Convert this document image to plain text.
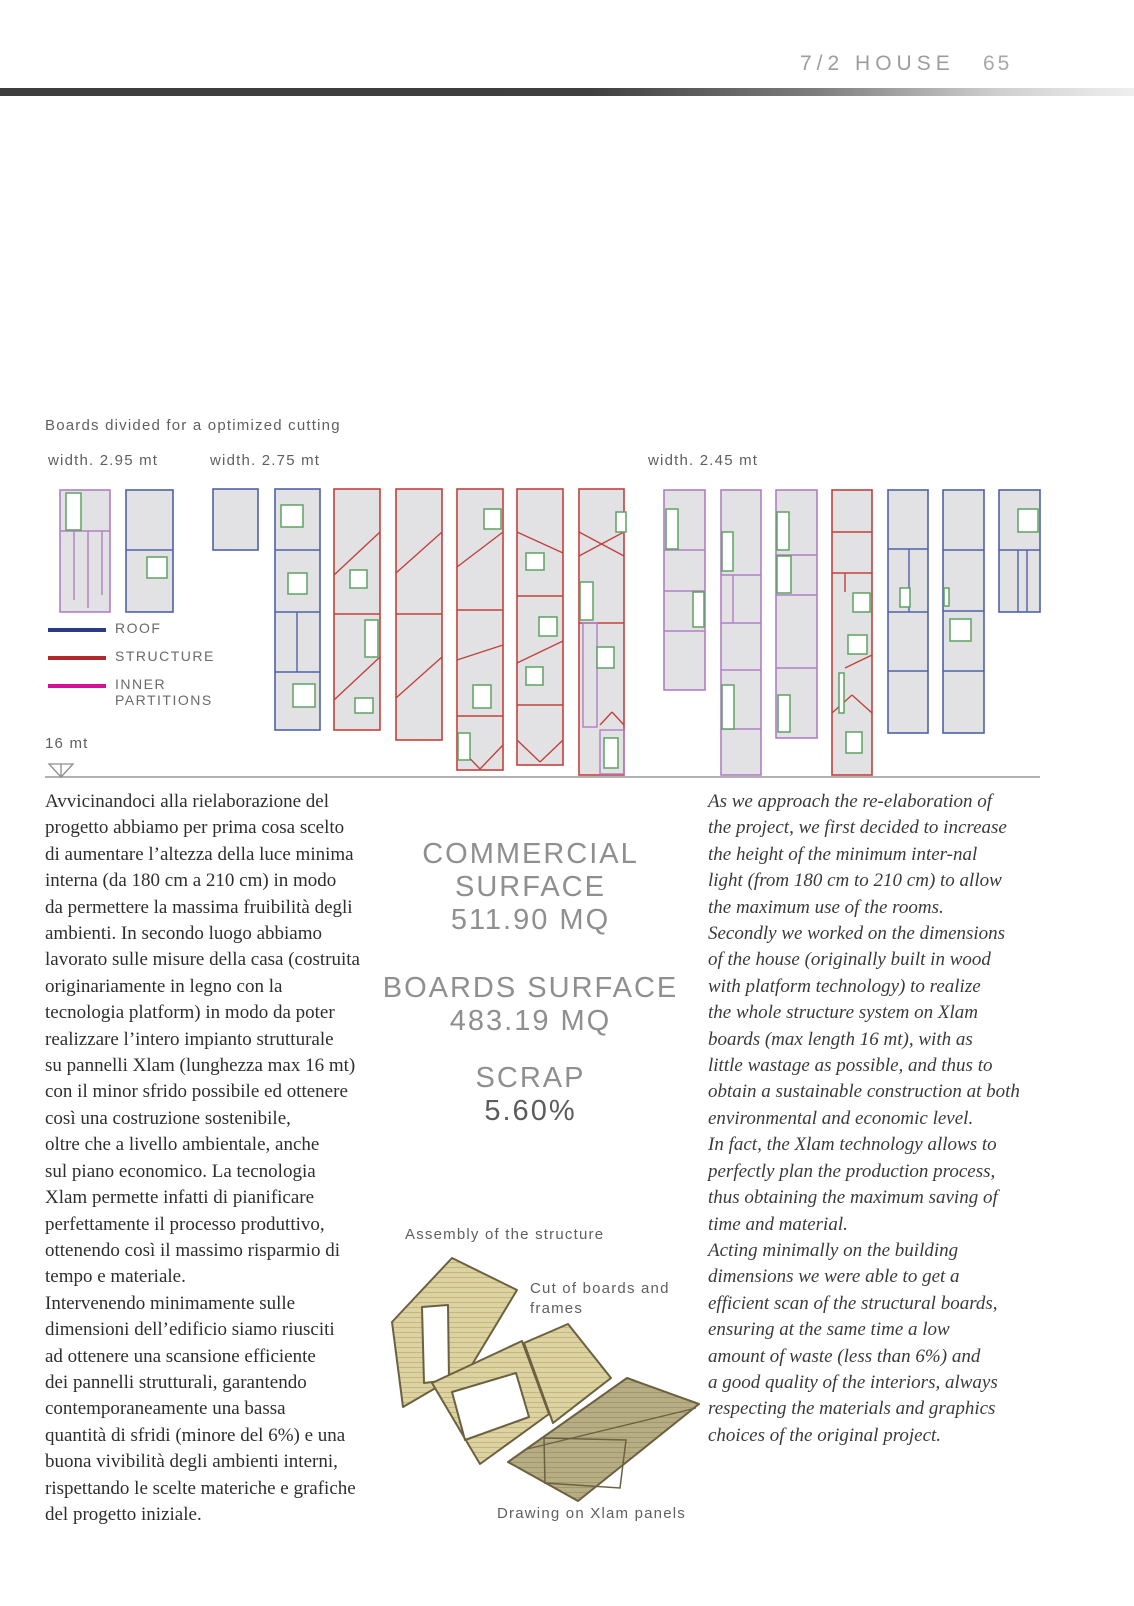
7/2 HOUSE 65
Boards divided for a optimized cutting
width. 2.95 mt	width. 2.75 mt	width. 2.45 mt
ROOF
STRUCTURE
INNER PARTITIONS
16 mt
Avvicinandoci alla rielaborazione del
progetto abbiamo per prima cosa scelto
di aumentare l’altezza della luce minima
interna (da 180 cm a 210 cm) in modo
da permettere la massima fruibilità degli
ambienti. In secondo luogo abbiamo
lavorato sulle misure della casa (costruita
originariamente in legno con la
tecnologia platform) in modo da poter
realizzare l’intero impianto strutturale
su pannelli Xlam (lunghezza max 16 mt)
con il minor sfrido possibile ed ottenere
così una costruzione sostenibile,
oltre che a livello ambientale, anche
sul piano economico. La tecnologia
Xlam permette infatti di pianificare
perfettamente il processo produttivo,
ottenendo così il massimo risparmio di
tempo e materiale.
Intervenendo minimamente sulle
dimensioni dell’edificio siamo riusciti
ad ottenere una scansione efficiente
dei pannelli strutturali, garantendo
contemporaneamente una bassa
quantità di sfridi (minore del 6%) e una
buona vivibilità degli ambienti interni,
rispettando le scelte materiche e grafiche
del progetto iniziale.
As we approach the re-elaboration of
the project, we first decided to increase
the height of the minimum inter-nal
light (from 180 cm to 210 cm) to allow
the maximum use of the rooms.
Secondly we worked on the dimensions
of the house (originally built in wood
with platform technology) to realize
the whole structure system on Xlam
boards (max length 16 mt), with as
little wastage as possible, and thus to
obtain a sustainable construction at both
environmental and economic level.
In fact, the Xlam technology allows to
perfectly plan the production process,
thus obtaining the maximum saving of
time and material.
Acting minimally on the building
dimensions we were able to get a
efficient scan of the structural boards,
ensuring at the same time a low
amount of waste (less than 6%) and
a good quality of the interiors, always
respecting the materials and graphics
choices of the original project.
COMMERCIAL
SURFACE
511.90 MQ
BOARDS SURFACE
483.19 MQ
SCRAP
5.60%
Assembly of the structure
Cut of boards and frames
Drawing on Xlam panels
